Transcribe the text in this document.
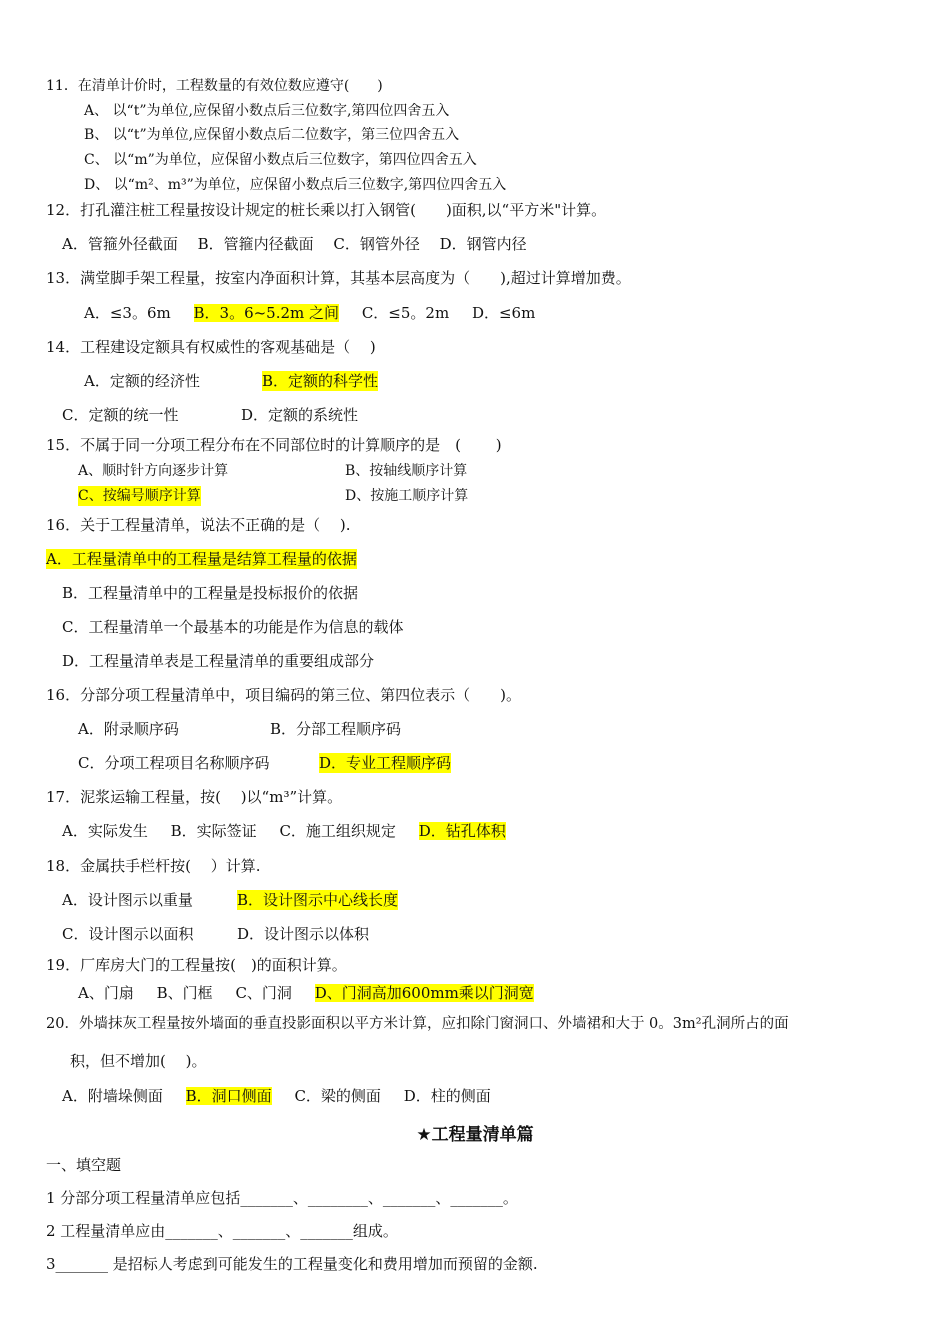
11．在清单计价时，工程数量的有效位数应遵守(　　)
A、 以“t”为单位,应保留小数点后三位数字,第四位四舍五入
B、 以“t”为单位,应保留小数点后二位数字，第三位四舍五入
C、 以“m”为单位，应保留小数点后三位数字，第四位四舍五入
D、 以“m²、m³”为单位，应保留小数点后三位数字,第四位四舍五入
12．打孔灌注桩工程量按设计规定的桩长乘以打入钢管(　　)面积,以“平方米"计算。
A．管箍外径截面　 B．管箍内径截面　 C．钢管外径　 D．钢管内径
13．满堂脚手架工程量，按室内净面积计算，其基本层高度为（　　),超过计算增加费。
A．≤3。6m B．3。6~5.2m 之间 C．≤5。2m D．≤6m
14．工程建设定额具有权威性的客观基础是（　 )
A．定额的经济性	B．定额的科学性
C．定额的统一性	D．定额的系统性
15．不属于同一分项工程分布在不同部位时的计算顺序的是　(　　 )
A、顺时针方向逐步计算	B、按轴线顺序计算
C、按编号顺序计算	D、按施工顺序计算
16．关于工程量清单，说法不正确的是（　 ).
A．工程量清单中的工程量是结算工程量的依据
B．工程量清单中的工程量是投标报价的依据
C．工程量清单一个最基本的功能是作为信息的载体
D．工程量清单表是工程量清单的重要组成部分
16．分部分项工程量清单中，项目编码的第三位、第四位表示（　　)。
A．附录顺序码	B．分部工程顺序码
C．分项工程项目名称顺序码	D．专业工程顺序码
17．泥浆运输工程量，按(　 )以“m³”计算。
A．实际发生 B．实际签证 C．施工组织规定 D．钻孔体积
18．金属扶手栏杆按(　 ）计算.
A．设计图示以重量	B．设计图示中心线长度
C．设计图示以面积	D．设计图示以体积
19．厂库房大门的工程量按(　)的面积计算。
A、门扇 B、门框 C、门洞 D、门洞高加600mm乘以门洞宽
20．外墙抹灰工程量按外墙面的垂直投影面积以平方米计算，应扣除门窗洞口、外墙裙和大于 0。3m²孔洞所占的面
积，但不增加(　 )。
A．附墙垛侧面 B．洞口侧面 C．梁的侧面 D．柱的侧面
★工程量清单篇
一、填空题
1 分部分项工程量清单应包括_______、________、_______、_______。
2 工程量清单应由_______、_______、_______组成。
3_______ 是招标人考虑到可能发生的工程量变化和费用增加而预留的金额.
